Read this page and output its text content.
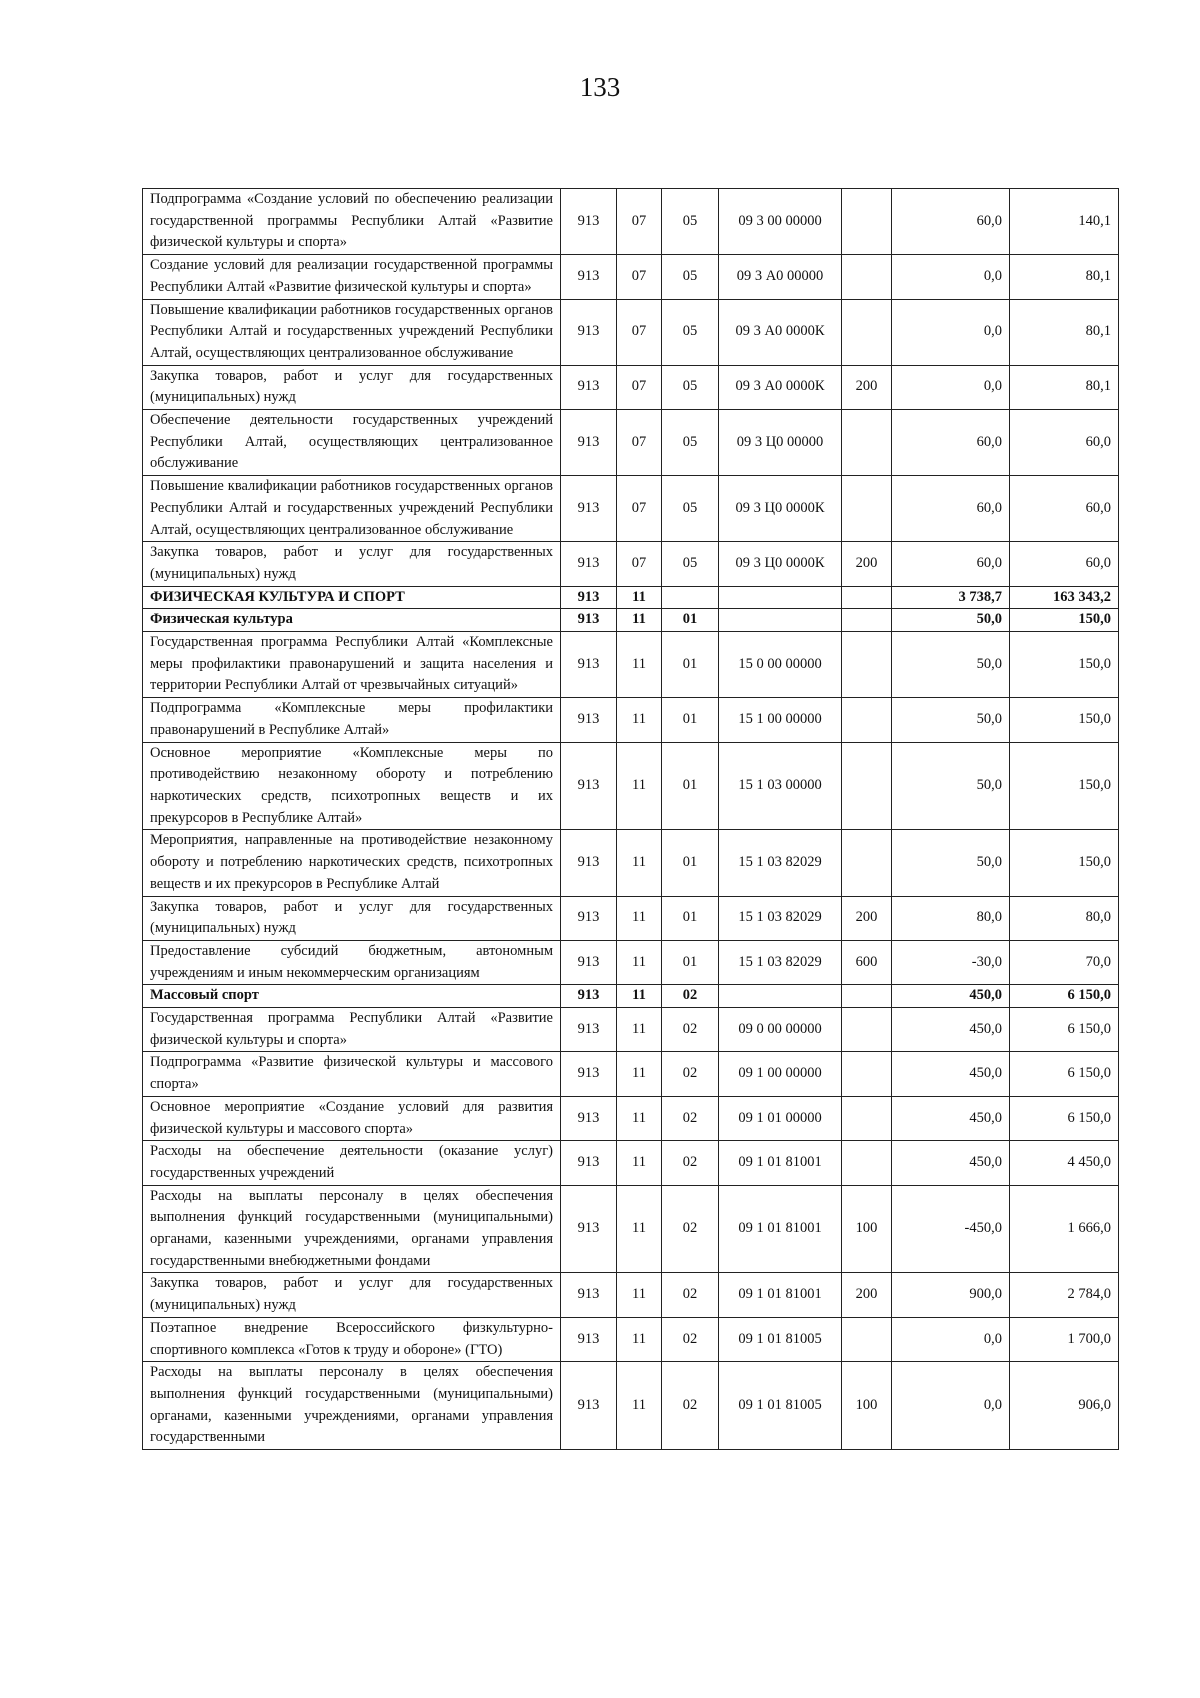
133
Подпрограмма «Создание условий по обеспечению реализации государственной программы Республики Алтай «Развитие физической культуры и спорта»	913	07	05	09 3 00 00000		60,0	140,1
Создание условий для реализации государственной программы Республики Алтай «Развитие физической культуры и спорта»	913	07	05	09 3 А0 00000		0,0	80,1
Повышение квалификации работников государственных органов Республики Алтай и государственных учреждений Республики Алтай, осуществляющих централизованное обслуживание	913	07	05	09 3 А0 0000К		0,0	80,1
Закупка товаров, работ и услуг для государственных (муниципальных) нужд	913	07	05	09 3 А0 0000К	200	0,0	80,1
Обеспечение деятельности государственных учреждений Республики Алтай, осуществляющих централизованное обслуживание	913	07	05	09 3 Ц0 00000		60,0	60,0
Повышение квалификации работников государственных органов Республики Алтай и государственных учреждений Республики Алтай, осуществляющих централизованное обслуживание	913	07	05	09 3 Ц0 0000К		60,0	60,0
Закупка товаров, работ и услуг для государственных (муниципальных) нужд	913	07	05	09 3 Ц0 0000К	200	60,0	60,0
ФИЗИЧЕСКАЯ КУЛЬТУРА И СПОРТ	913	11				3 738,7	163 343,2
Физическая культура	913	11	01			50,0	150,0
Государственная программа Республики Алтай «Комплексные меры профилактики правонарушений и защита населения и территории Республики Алтай от чрезвычайных ситуаций»	913	11	01	15 0 00 00000		50,0	150,0
Подпрограмма «Комплексные меры профилактики правонарушений в Республике Алтай»	913	11	01	15 1 00 00000		50,0	150,0
Основное мероприятие «Комплексные меры по противодействию незаконному обороту и потреблению наркотических средств, психотропных веществ и их прекурсоров в Республике Алтай»	913	11	01	15 1 03 00000		50,0	150,0
Мероприятия, направленные на противодействие незаконному обороту и потреблению наркотических средств, психотропных веществ и их прекурсоров в Республике Алтай	913	11	01	15 1 03 82029		50,0	150,0
Закупка товаров, работ и услуг для государственных (муниципальных) нужд	913	11	01	15 1 03 82029	200	80,0	80,0
Предоставление субсидий бюджетным, автономным учреждениям и иным некоммерческим организациям	913	11	01	15 1 03 82029	600	-30,0	70,0
Массовый спорт	913	11	02			450,0	6 150,0
Государственная программа Республики Алтай «Развитие физической культуры и спорта»	913	11	02	09 0 00 00000		450,0	6 150,0
Подпрограмма «Развитие физической культуры и массового спорта»	913	11	02	09 1 00 00000		450,0	6 150,0
Основное мероприятие «Создание условий для развития физической культуры и массового спорта»	913	11	02	09 1 01 00000		450,0	6 150,0
Расходы на обеспечение деятельности (оказание услуг) государственных учреждений	913	11	02	09 1 01 81001		450,0	4 450,0
Расходы на выплаты персоналу в целях обеспечения выполнения функций государственными (муниципальными) органами, казенными учреждениями, органами управления государственными внебюджетными фондами	913	11	02	09 1 01 81001	100	-450,0	1 666,0
Закупка товаров, работ и услуг для государственных (муниципальных) нужд	913	11	02	09 1 01 81001	200	900,0	2 784,0
Поэтапное внедрение Всероссийского физкультурно-спортивного комплекса «Готов к труду и обороне» (ГТО)	913	11	02	09 1 01 81005		0,0	1 700,0
Расходы на выплаты персоналу в целях обеспечения выполнения функций государственными (муниципальными) органами, казенными учреждениями, органами управления государственными	913	11	02	09 1 01 81005	100	0,0	906,0
